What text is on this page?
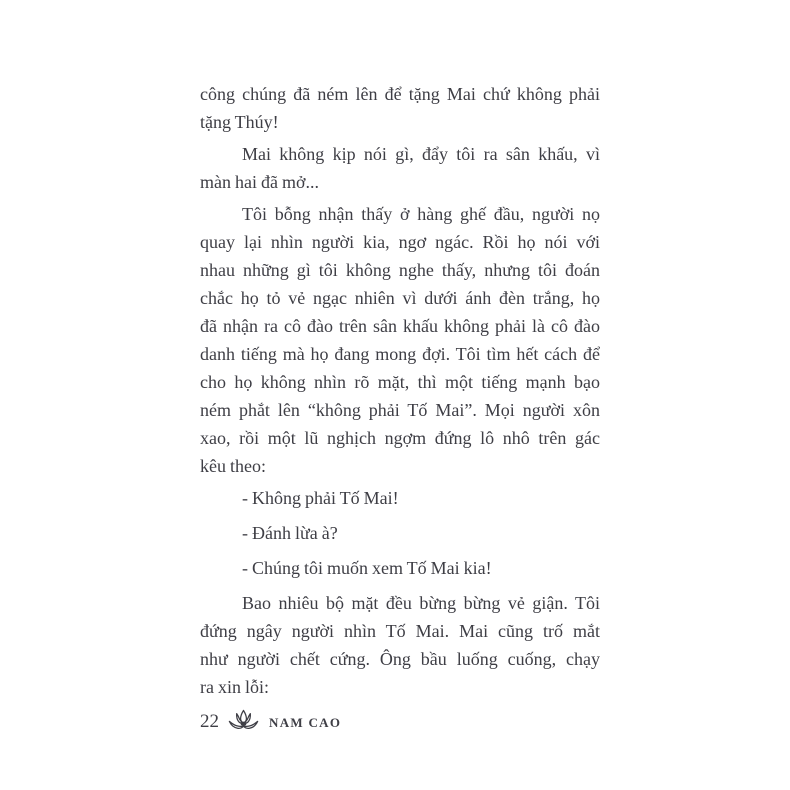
công chúng đã ném lên để tặng Mai chứ không phải
tặng Thúy!
Mai không kịp nói gì, đẩy tôi ra sân khấu, vì
màn hai đã mở...
Tôi bỗng nhận thấy ở hàng ghế đầu, người nọ
quay lại nhìn người kia, ngơ ngác. Rồi họ nói với
nhau những gì tôi không nghe thấy, nhưng tôi đoán
chắc họ tỏ vẻ ngạc nhiên vì dưới ánh đèn trắng, họ
đã nhận ra cô đào trên sân khấu không phải là cô đào
danh tiếng mà họ đang mong đợi. Tôi tìm hết cách để
cho họ không nhìn rõ mặt, thì một tiếng mạnh bạo
ném phắt lên “không phải Tố Mai”. Mọi người xôn
xao, rồi một lũ nghịch ngợm đứng lô nhô trên gác
kêu theo:
- Không phải Tố Mai!
- Đánh lừa à?
- Chúng tôi muốn xem Tố Mai kia!
Bao nhiêu bộ mặt đều bừng bừng vẻ giận. Tôi
đứng ngây người nhìn Tố Mai. Mai cũng trố mắt
như người chết cứng. Ông bầu luống cuống, chạy
ra xin lỗi:
22	NAM CAO
